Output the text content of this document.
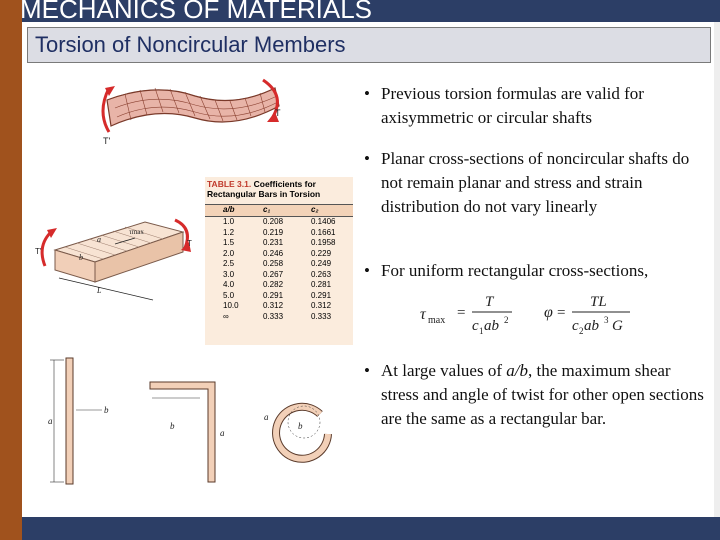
MECHANICS OF MATERIALS
Torsion of Noncircular Members
T
T'
τmax
a
b
L
T
T'
TABLE 3.1. Coefficients for
Rectangular Bars in Torsion
a/b	c₁	c₂
1.0	0.208	0.1406
1.2	0.219	0.1661
1.5	0.231	0.1958
2.0	0.246	0.229
2.5	0.258	0.249
3.0	0.267	0.263
4.0	0.282	0.281
5.0	0.291	0.291
10.0	0.312	0.312
∞	0.333	0.333
a
b
b
a
b
a
• Previous torsion formulas are valid for axisymmetric or circular shafts
• Planar cross-sections of noncircular shafts do not remain planar and stress and strain distribution do not vary linearly
• For uniform rectangular cross-sections,
• At large values of a/b, the maximum shear stress and angle of twist for other open sections are the same as a rectangular bar.
τ max =
T
c 1 ab 2 φ =
TL
c 2 ab 3 G
